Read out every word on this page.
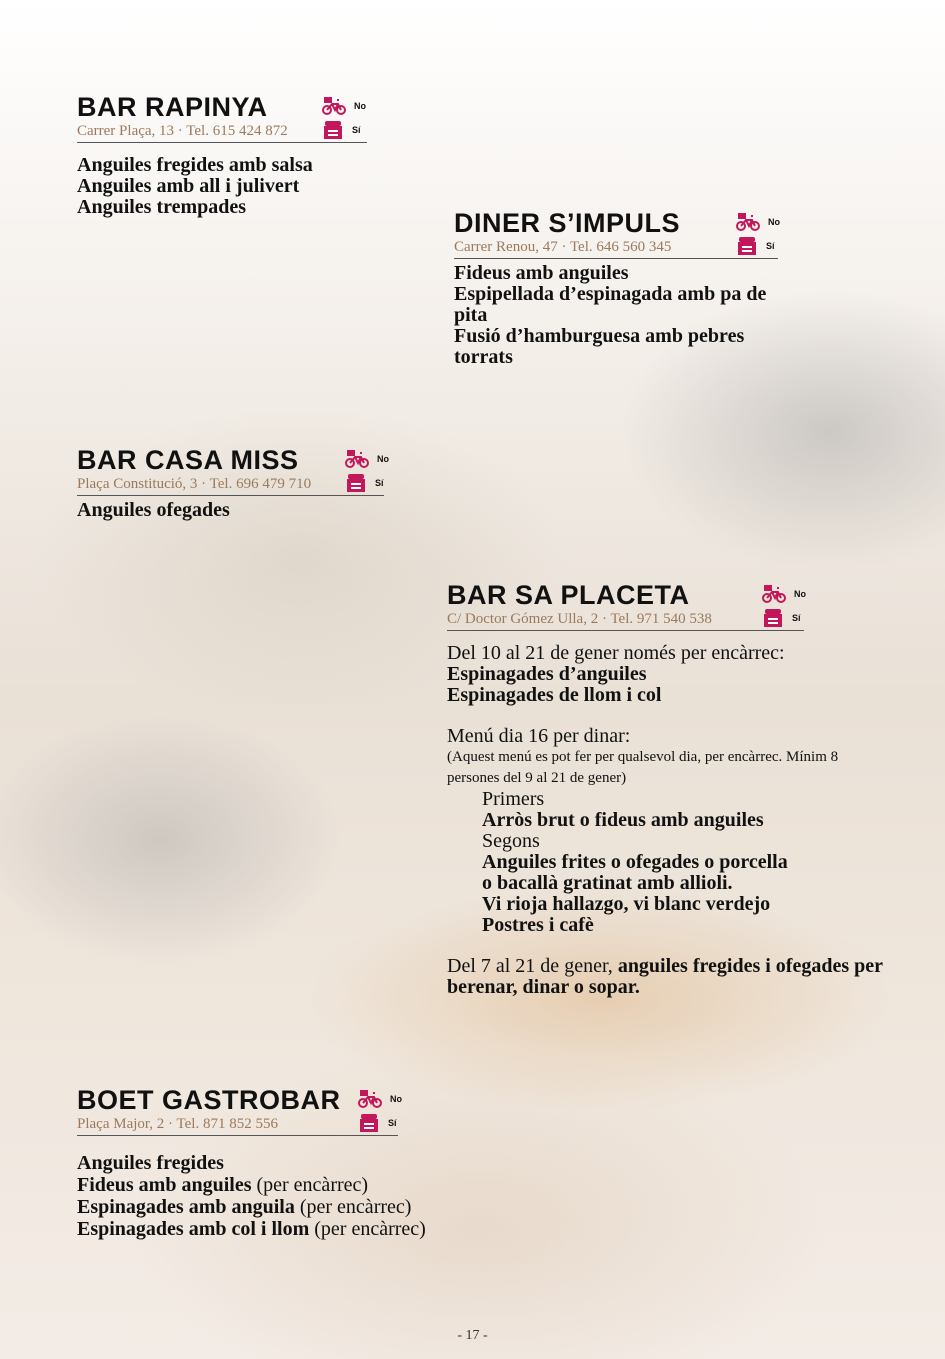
BAR RAPINYA
Carrer Plaça, 13 · Tel. 615 424 872
No
Sí
Anguiles fregides amb salsa
Anguiles amb all i julivert
Anguiles trempades
DINER S’IMPULS
Carrer Renou, 47 · Tel. 646 560 345
No
Sí
Fideus amb anguiles
Espipellada d’espinagada amb pa de pita
Fusió d’hamburguesa amb pebres torrats
BAR CASA MISS
Plaça Constitució, 3 · Tel. 696 479 710
No
Sí
Anguiles ofegades
BAR SA PLACETA
C/ Doctor Gómez Ulla, 2 · Tel. 971 540 538
No
Sí
Del 10 al 21 de gener només per encàrrec:
Espinagades d’anguiles
Espinagades de llom i col
Menú dia 16 per dinar:
(Aquest menú es pot fer per qualsevol dia, per encàrrec. Mínim 8 persones del 9 al 21 de gener)
Primers
Arròs brut o fideus amb anguiles
Segons
Anguiles frites o ofegades o porcella
o bacallà gratinat amb allioli.
Vi rioja hallazgo, vi blanc verdejo
Postres i cafè
Del 7 al 21 de gener, anguiles fregides i ofegades per berenar, dinar o sopar.
BOET GASTROBAR
Plaça Major, 2 · Tel. 871 852 556
No
Sí
Anguiles fregides
Fideus amb anguiles (per encàrrec)
Espinagades amb anguila (per encàrrec)
Espinagades amb col i llom (per encàrrec)
- 17 -
